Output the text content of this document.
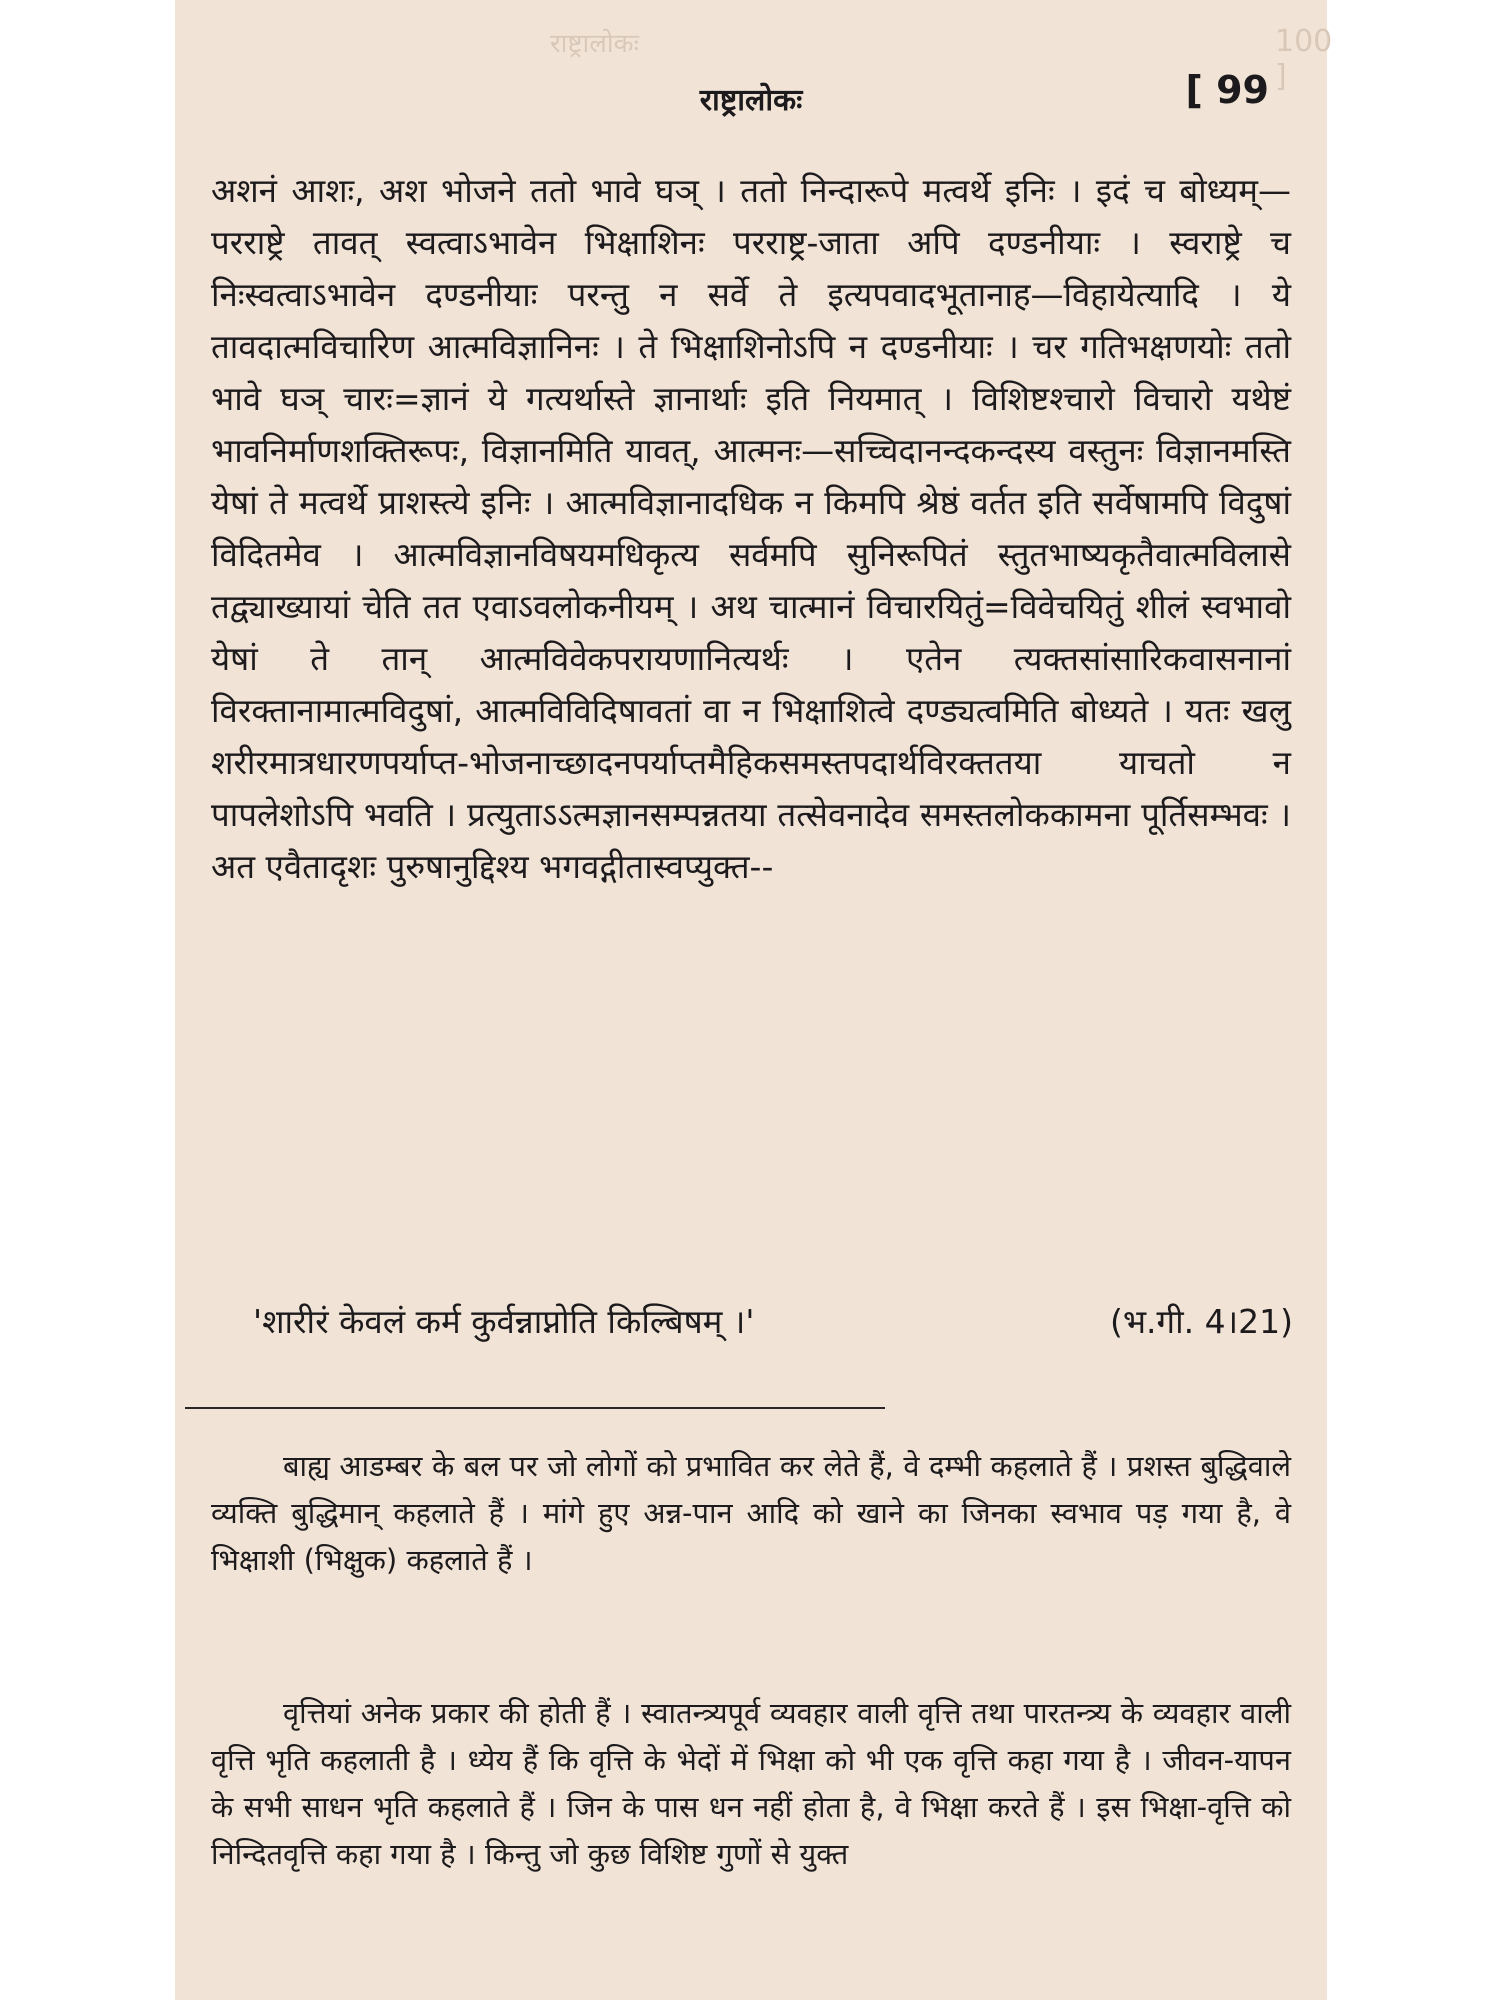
राष्ट्रालोकः	100 ]
राष्ट्रालोकः	[ 99
अशनं आशः, अश भोजने ततो भावे घञ् । ततो निन्दारूपे मत्वर्थे इनिः । इदं च बोध्यम्—परराष्ट्रे तावत् स्वत्वाऽभावेन भिक्षाशिनः परराष्ट्र-जाता अपि दण्डनीयाः । स्वराष्ट्रे च निःस्वत्वाऽभावेन दण्डनीयाः परन्तु न सर्वे ते इत्यपवादभूतानाह—विहायेत्यादि । ये तावदात्मविचारिण आत्मविज्ञानिनः । ते भिक्षाशिनोऽपि न दण्डनीयाः । चर गतिभक्षणयोः ततो भावे घञ् चारः=ज्ञानं ये गत्यर्थास्ते ज्ञानार्थाः इति नियमात् । विशिष्टश्चारो विचारो यथेष्टं भावनिर्माणशक्तिरूपः, विज्ञानमिति यावत्, आत्मनः—सच्चिदानन्दकन्दस्य वस्तुनः विज्ञानमस्ति येषां ते मत्वर्थे प्राशस्त्ये इनिः । आत्मविज्ञानादधिक न किमपि श्रेष्ठं वर्तत इति सर्वेषामपि विदुषां विदितमेव । आत्मविज्ञानविषयमधिकृत्य सर्वमपि सुनिरूपितं स्तुतभाष्यकृतैवात्मविलासे तद्व्याख्यायां चेति तत एवाऽवलोकनीयम् । अथ चात्मानं विचारयितुं=विवेचयितुं शीलं स्वभावो येषां ते तान् आत्मविवेकपरायणानित्यर्थः । एतेन त्यक्तसांसारिकवासनानां विरक्तानामात्मविदुषां, आत्मविविदिषावतां वा न भिक्षाशित्वे दण्ड्यत्वमिति बोध्यते । यतः खलु शरीरमात्रधारणपर्याप्त-भोजनाच्छादनपर्याप्तमैहिकसमस्तपदार्थविरक्ततया याचतो न पापलेशोऽपि भवति । प्रत्युताऽऽत्मज्ञानसम्पन्नतया तत्सेवनादेव समस्तलोककामना पूर्तिसम्भवः । अत एवैतादृशः पुरुषानुद्दिश्य भगवद्गीतास्वप्युक्त--
'शारीरं केवलं कर्म कुर्वन्नाप्नोति किल्बिषम् ।'	(भ.गी. 4।21)
बाह्य आडम्बर के बल पर जो लोगों को प्रभावित कर लेते हैं, वे दम्भी कहलाते हैं । प्रशस्त बुद्धिवाले व्यक्ति बुद्धिमान् कहलाते हैं । मांगे हुए अन्न-पान आदि को खाने का जिनका स्वभाव पड़ गया है, वे भिक्षाशी (भिक्षुक) कहलाते हैं ।
वृत्तियां अनेक प्रकार की होती हैं । स्वातन्त्र्यपूर्व व्यवहार वाली वृत्ति तथा पारतन्त्र्य के व्यवहार वाली वृत्ति भृति कहलाती है । ध्येय हैं कि वृत्ति के भेदों में भिक्षा को भी एक वृत्ति कहा गया है । जीवन-यापन के सभी साधन भृति कहलाते हैं । जिन के पास धन नहीं होता है, वे भिक्षा करते हैं । इस भिक्षा-वृत्ति को निन्दितवृत्ति कहा गया है । किन्तु जो कुछ विशिष्ट गुणों से युक्त
